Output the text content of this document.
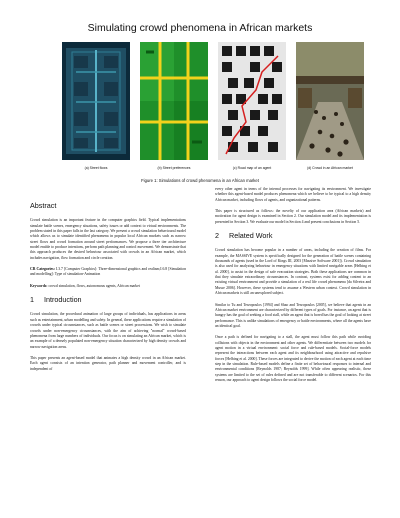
Simulating crowd phenomena in African markets
(a) Street flows	(b) Street preferences	(c) Road map of an agent	(d) Crowd in an African market
Figure 1: Simulations of crowd phenomena in an African market
Abstract

Crowd simulation is an important feature in the computer graphics field. Typical implementations simulate battle scenes, emergency situations, safety issues or add context to virtual environments. The problem stated in this paper falls in the last category. We present a crowd simulation behavioural model which allows us to simulate identified phenomena in popular local African markets such as narrow street flows and crowd formation around street performances. We propose a three tier architecture model enable to produce intentions, perform path planning and control movement. We demonstrate that this approach produces the desired behaviour associated with crowds in an African market, which includes navigation, flow formation and circle creation.

CR Categories: I.3.7 [Computer Graphics]: Three-dimensional graphics and realism;I.6.8 [Simulation and modelling]: Type of simulation-Animation

Keywords: crowd simulation, flows, autonomous agents, African market

1 Introduction

Crowd simulation, the procedural animation of large groups of individuals, has applications in areas such as entertainment, urban modelling and safety. In general, these applications require a simulation of crowds under typical circumstances, such as battle scenes or street processions. We wish to simulate crowds under non-emergency circumstances, with the aim of achieving "normal" crowd-based phenomena from large numbers of individuals. Our focus is on simulating an African market, which is an example of a densely populated non-emergency situation characterized by high density crowds and narrow navigation areas.

This paper presents an agent-based model that animates a high density crowd in an African market. Each agent consists of an intention generator, path planner and movement controller, and is independent of

every other agent in terms of the internal processes for navigating its environment. We investigate whether this agent-based model produces phenomena which we believe to be typical to a high density African market, including flows of agents, and organizational patterns.

This paper is structured as follows: the novelty of our application area (African markets) and motivation for agent design is examined in Section 2. Our simulation model and its implementation is presented in Section 3. We evaluate our model in Section 4 and present conclusions in Section 5.

2 Related Work

Crowd simulation has become popular in a number of areas, including the creation of films. For example, the MASSIVE system is specifically designed for the generation of battle scenes containing thousands of agents (used in the Lord of Kings III, 2003 [Massive Software 2001]). Crowd simulation is also used for analyzing behaviour in emergency situations with limited navigable areas [Helbing et al. 2000], to assist in the design of safe evacuation strategies. Both these applications are common in that they simulate extraordinary circumstances. In contrast, systems exist for adding content to an existing virtual environment and provide a simulation of a real life crowd phenomena [da Silveira and Musse 2006]. However, these systems tend to assume a Western urban context. Crowd simulation in African markets is still an unexplored subject.

Similar to Tu and Terzopoulos [1994] and Shao and Terzopoulos [2005], we believe that agents in an African market environment are characterized by different types of goals. For instance, an agent that is hungry has the goal of seeking a food stall, while an agent that is bored has the goal of looking at street performance. This is unlike simulations of emergency or battle environments, where all the agents have an identical goal.

Once a path is defined for navigating to a stall, the agent must follow this path while avoiding collisions with objects in the environment and other agents. We differentiate between two models for agent motion in a virtual environment: social force and rule-based models. Social-force models represent the interactions between each agent and its neighbourhood using attractive and repulsive forces [Helbing et al. 2000]. These forces are integrated to derive the motion of each agent at each time step in the simulation. Rule-based models define a finite set of behavioural responses to internal and environmental conditions [Reynolds 1987; Reynolds 1999]. While often appearing realistic, these systems are limited to the set of rules defined and are not transferable to different scenarios. For this reason, our approach to agent design follows the social force model.
